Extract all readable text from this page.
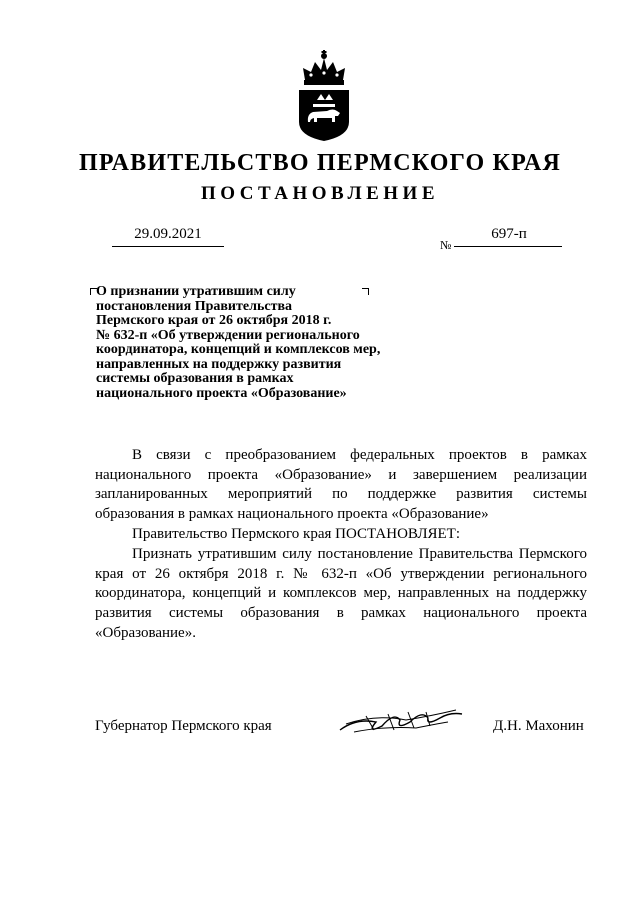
ПРАВИТЕЛЬСТВО ПЕРМСКОГО КРАЯ
ПОСТАНОВЛЕНИЕ
29.09.2021
№
697-п
О признании утратившим силу
постановления Правительства
Пермского края от 26 октября 2018 г.
№ 632-п «Об утверждении регионального
координатора, концепций и комплексов мер,
направленных на поддержку развития
системы образования в рамках
национального проекта «Образование»
В связи с преобразованием федеральных проектов в рамках
национального проекта «Образование» и завершением реализации
запланированных мероприятий по поддержке развития системы
образования в рамках национального проекта «Образование»
Правительство Пермского края ПОСТАНОВЛЯЕТ:
Признать утратившим силу постановление Правительства Пермского
края от 26 октября 2018 г. № 632-п «Об утверждении регионального
координатора, концепций и комплексов мер, направленных на поддержку
развития системы образования в рамках национального проекта
«Образование».
Губернатор Пермского края	Д.Н. Махонин
